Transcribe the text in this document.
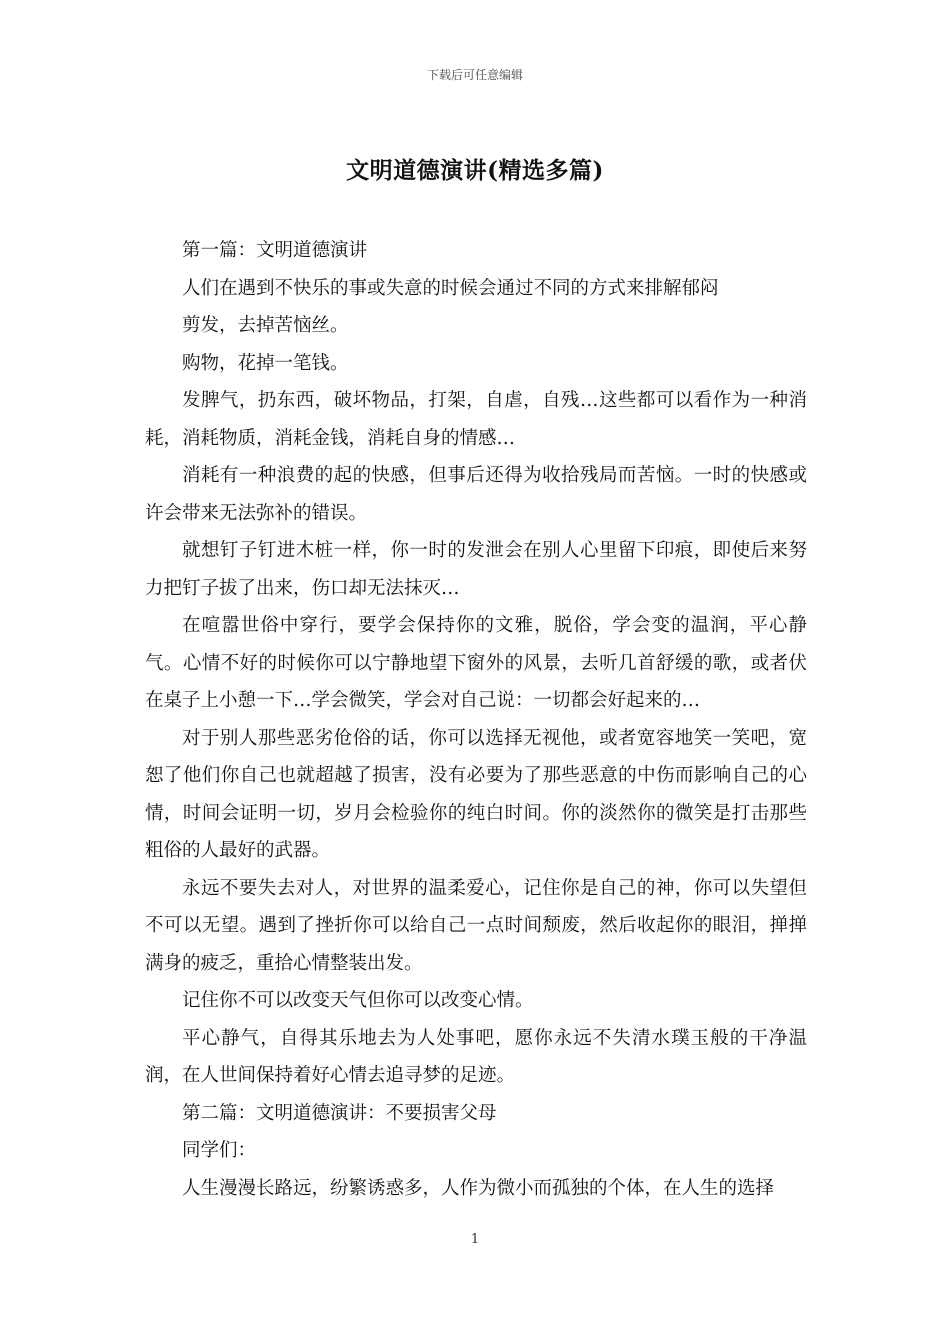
下载后可任意编辑
文明道德演讲(精选多篇)

第一篇：文明道德演讲

人们在遇到不快乐的事或失意的时候会通过不同的方式来排解郁闷

剪发，去掉苦恼丝。

购物，花掉一笔钱。

发脾气，扔东西，破坏物品，打架，自虐，自残…这些都可以看作为一种消耗，消耗物质，消耗金钱，消耗自身的情感…

消耗有一种浪费的起的快感，但事后还得为收拾残局而苦恼。一时的快感或许会带来无法弥补的错误。

就想钉子钉进木桩一样，你一时的发泄会在别人心里留下印痕，即使后来努力把钉子拔了出来，伤口却无法抹灭…

在喧嚣世俗中穿行，要学会保持你的文雅，脱俗，学会变的温润，平心静气。心情不好的时候你可以宁静地望下窗外的风景，去听几首舒缓的歌，或者伏在桌子上小憩一下…学会微笑，学会对自己说：一切都会好起来的…

对于别人那些恶劣伧俗的话，你可以选择无视他，或者宽容地笑一笑吧，宽恕了他们你自己也就超越了损害，没有必要为了那些恶意的中伤而影响自己的心情，时间会证明一切，岁月会检验你的纯白时间。你的淡然你的微笑是打击那些粗俗的人最好的武器。

永远不要失去对人，对世界的温柔爱心，记住你是自己的神，你可以失望但不可以无望。遇到了挫折你可以给自己一点时间颓废，然后收起你的眼泪，掸掸满身的疲乏，重拾心情整装出发。

记住你不可以改变天气但你可以改变心情。

平心静气，自得其乐地去为人处事吧，愿你永远不失清水璞玉般的干净温润，在人世间保持着好心情去追寻梦的足迹。

第二篇：文明道德演讲：不要损害父母

同学们：

人生漫漫长路远，纷繁诱惑多，人作为微小而孤独的个体，在人生的选择

1
